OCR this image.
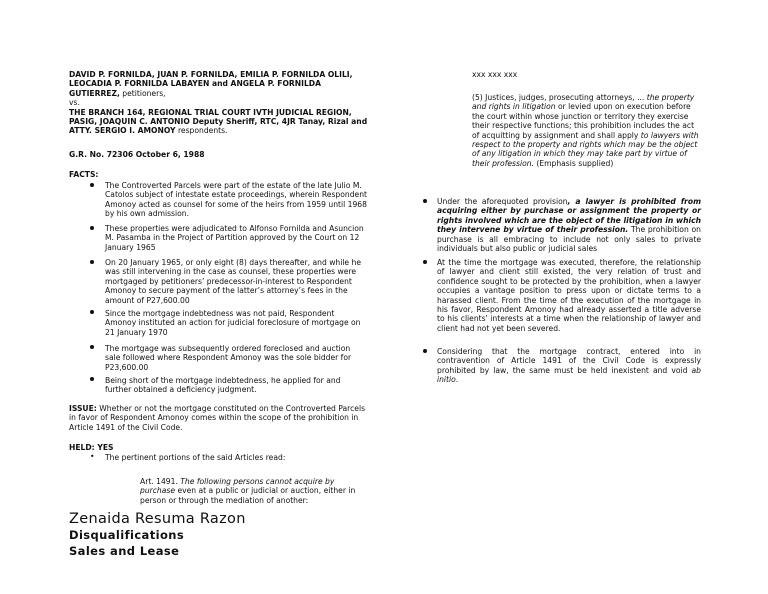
DAVID P. FORNILDA, JUAN P. FORNILDA, EMILIA P. FORNILDA OLILI, LEOCADIA P. FORNILDA LABAYEN and ANGELA P. FORNILDA GUTIERREZ, petitioners,
vs.
THE BRANCH 164, REGIONAL TRIAL COURT IVTH JUDICIAL REGION, PASIG, JOAQUIN C. ANTONIO Deputy Sheriff, RTC, 4JR Tanay, Rizal and ATTY. SERGIO I. AMONOY respondents.
G.R. No. 72306 October 6, 1988
FACTS:
The Controverted Parcels were part of the estate of the late Julio M. Catolos subject of intestate estate proceedings, wherein Respondent Amonoy acted as counsel for some of the heirs from 1959 until 1968 by his own admission.
These properties were adjudicated to Alfonso Fornilda and Asuncion M. Pasamba in the Project of Partition approved by the Court on 12 January 1965
On 20 January 1965, or only eight (8) days thereafter, and while he was still intervening in the case as counsel, these properties were mortgaged by petitioners’ predecessor-in-interest to Respondent Amonoy to secure payment of the latter’s attorney’s fees in the amount of P27,600.00
Since the mortgage indebtedness was not paid, Respondent Amonoy instituted an action for judicial foreclosure of mortgage on 21 January 1970
The mortgage was subsequently ordered foreclosed and auction sale followed where Respondent Amonoy was the sole bidder for P23,600.00
Being short of the mortgage indebtedness, he applied for and further obtained a deficiency judgment.
ISSUE: Whether or not the mortgage constituted on the Controverted Parcels in favor of Respondent Amonoy comes within the scope of the prohibition in Article 1491 of the Civil Code.
HELD: YES
• The pertinent portions of the said Articles read:
Art. 1491. The following persons cannot acquire by purchase even at a public or judicial or auction, either in person or through the mediation of another:
Zenaida Resuma Razon
Disqualifications
Sales and Lease
xxx xxx xxx
(5) Justices, judges, prosecuting attorneys, ... the property and rights in litigation or levied upon on execution before the court within whose junction or territory they exercise their respective functions; this prohibition includes the act of acquitting by assignment and shall apply to lawyers with respect to the property and rights which may be the object of any litigation in which they may take part by virtue of their profession. (Emphasis supplied)
Under the aforequoted provision, a lawyer is prohibited from acquiring either by purchase or assignment the property or rights involved which are the object of the litigation in which they intervene by virtue of their profession. The prohibition on purchase is all embracing to include not only sales to private individuals but also public or judicial sales
At the time the mortgage was executed, therefore, the relationship of lawyer and client still existed, the very relation of trust and confidence sought to be protected by the prohibition, when a lawyer occupies a vantage position to press upon or dictate terms to a harassed client. From the time of the execution of the mortgage in his favor, Respondent Amonoy had already asserted a title adverse to his clients' interests at a time when the relationship of lawyer and client had not yet been severed.
Considering that the mortgage contract, entered into in contravention of Article 1491 of the Civil Code is expressly prohibited by law, the same must be held inexistent and void ab initio.
